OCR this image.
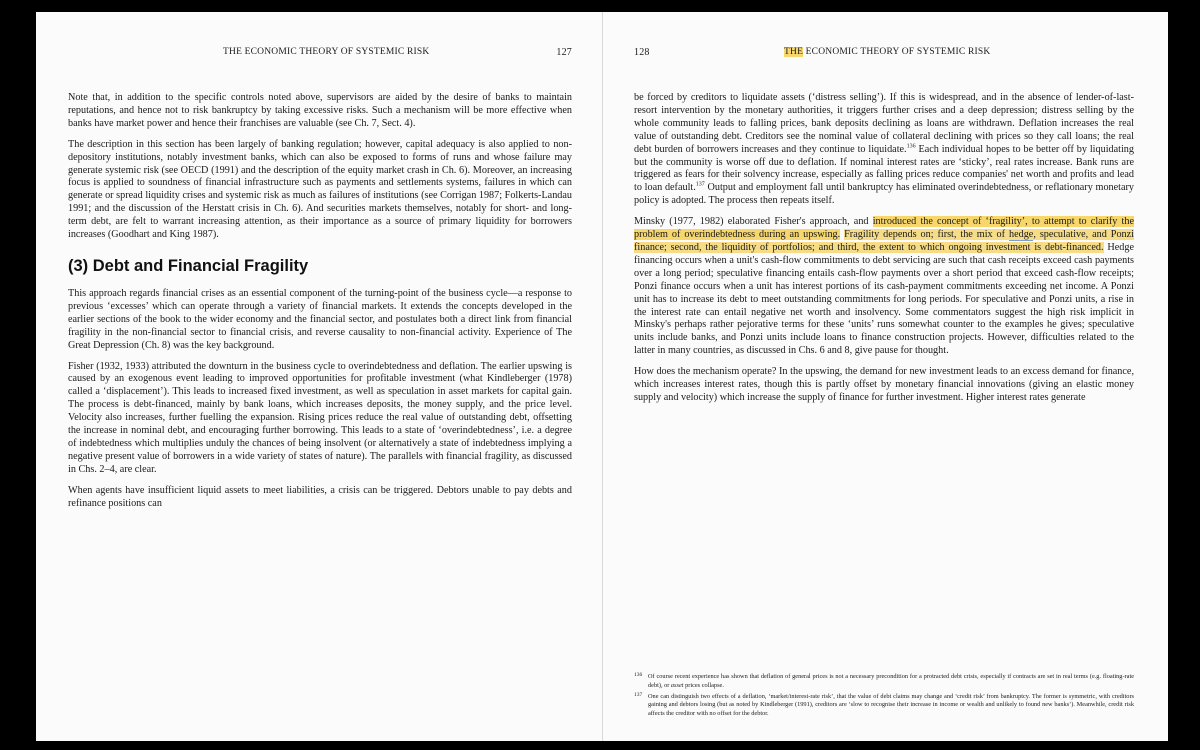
THE ECONOMIC THEORY OF SYSTEMIC RISK	127

Note that, in addition to the specific controls noted above, supervisors are aided by the desire of banks to maintain reputations, and hence not to risk bankruptcy by taking excessive risks. Such a mechanism will be more effective when banks have market power and hence their franchises are valuable (see Ch. 7, Sect. 4).

The description in this section has been largely of banking regulation; however, capital adequacy is also applied to non-depository institutions, notably investment banks, which can also be exposed to forms of runs and whose failure may generate systemic risk (see OECD (1991) and the description of the equity market crash in Ch. 6). Moreover, an increasing focus is applied to soundness of financial infrastructure such as payments and settlements systems, failures in which can generate or spread liquidity crises and systemic risk as much as failures of institutions (see Corrigan 1987; Folkerts-Landau 1991; and the discussion of the Herstatt crisis in Ch. 6). And securities markets themselves, notably for short- and long-term debt, are felt to warrant increasing attention, as their importance as a source of primary liquidity for borrowers increases (Goodhart and King 1987).

(3) Debt and Financial Fragility

This approach regards financial crises as an essential component of the turning-point of the business cycle—a response to previous ‘excesses’ which can operate through a variety of financial markets. It extends the concepts developed in the earlier sections of the book to the wider economy and the financial sector, and postulates both a direct link from financial fragility in the non-financial sector to financial crisis, and reverse causality to non-financial activity. Experience of The Great Depression (Ch. 8) was the key background.

Fisher (1932, 1933) attributed the downturn in the business cycle to overindebtedness and deflation. The earlier upswing is caused by an exogenous event leading to improved opportunities for profitable investment (what Kindleberger (1978) called a ‘displacement’). This leads to increased fixed investment, as well as speculation in asset markets for capital gain. The process is debt-financed, mainly by bank loans, which increases deposits, the money supply, and the price level. Velocity also increases, further fuelling the expansion. Rising prices reduce the real value of outstanding debt, offsetting the increase in nominal debt, and encouraging further borrowing. This leads to a state of ‘overindebtedness’, i.e. a degree of indebtedness which multiplies unduly the chances of being insolvent (or alternatively a state of indebtedness implying a negative present value of borrowers in a wide variety of states of nature). The parallels with financial fragility, as discussed in Chs. 2–4, are clear.

When agents have insufficient liquid assets to meet liabilities, a crisis can be triggered. Debtors unable to pay debts and refinance positions can

128	THE ECONOMIC THEORY OF SYSTEMIC RISK

be forced by creditors to liquidate assets (‘distress selling’). If this is widespread, and in the absence of lender-of-last-resort intervention by the monetary authorities, it triggers further crises and a deep depression; distress selling by the whole community leads to falling prices, bank deposits declining as loans are withdrawn. Deflation increases the real value of outstanding debt. Creditors see the nominal value of collateral declining with prices so they call loans; the real debt burden of borrowers increases and they continue to liquidate.$^{136}$ Each individual hopes to be better off by liquidating but the community is worse off due to deflation. If nominal interest rates are ‘sticky’, real rates increase. Bank runs are triggered as fears for their solvency increase, especially as falling prices reduce companies' net worth and profits and lead to loan default.$^{137}$ Output and employment fall until bankruptcy has eliminated overindebtedness, or reflationary monetary policy is adopted. The process then repeats itself.

Minsky (1977, 1982) elaborated Fisher's approach, and introduced the concept of ‘fragility’, to attempt to clarify the problem of overindebtedness during an upswing. Fragility depends on; first, the mix of hedge, speculative, and Ponzi finance; second, the liquidity of portfolios; and third, the extent to which ongoing investment is debt-financed. Hedge financing occurs when a unit's cash-flow commitments to debt servicing are such that cash receipts exceed cash payments over a long period; speculative financing entails cash-flow payments over a short period that exceed cash-flow receipts; Ponzi finance occurs when a unit has interest portions of its cash-payment commitments exceeding net income. A Ponzi unit has to increase its debt to meet outstanding commitments for long periods. For speculative and Ponzi units, a rise in the interest rate can entail negative net worth and insolvency. Some commentators suggest the high risk implicit in Minsky's perhaps rather pejorative terms for these ‘units’ runs somewhat counter to the examples he gives; speculative units include banks, and Ponzi units include loans to finance construction projects. However, difficulties related to the latter in many countries, as discussed in Chs. 6 and 8, give pause for thought.

How does the mechanism operate? In the upswing, the demand for new investment leads to an excess demand for finance, which increases interest rates, though this is partly offset by monetary financial innovations (giving an elastic money supply and velocity) which increase the supply of finance for further investment. Higher interest rates generate

136 Of course recent experience has shown that deflation of general prices is not a necessary precondition for a protracted debt crisis, especially if contracts are set in real terms (e.g. floating-rate debt), or asset prices collapse.
137 One can distinguish two effects of a deflation, ‘market/interest-rate risk’, that the value of debt claims may change and ‘credit risk’ from bankruptcy. The former is symmetric, with creditors gaining and debtors losing (but as noted by Kindleberger (1991), creditors are ‘slow to recognise their increase in income or wealth and unlikely to found new banks’). Meanwhile, credit risk affects the creditor with no offset for the debtor.
